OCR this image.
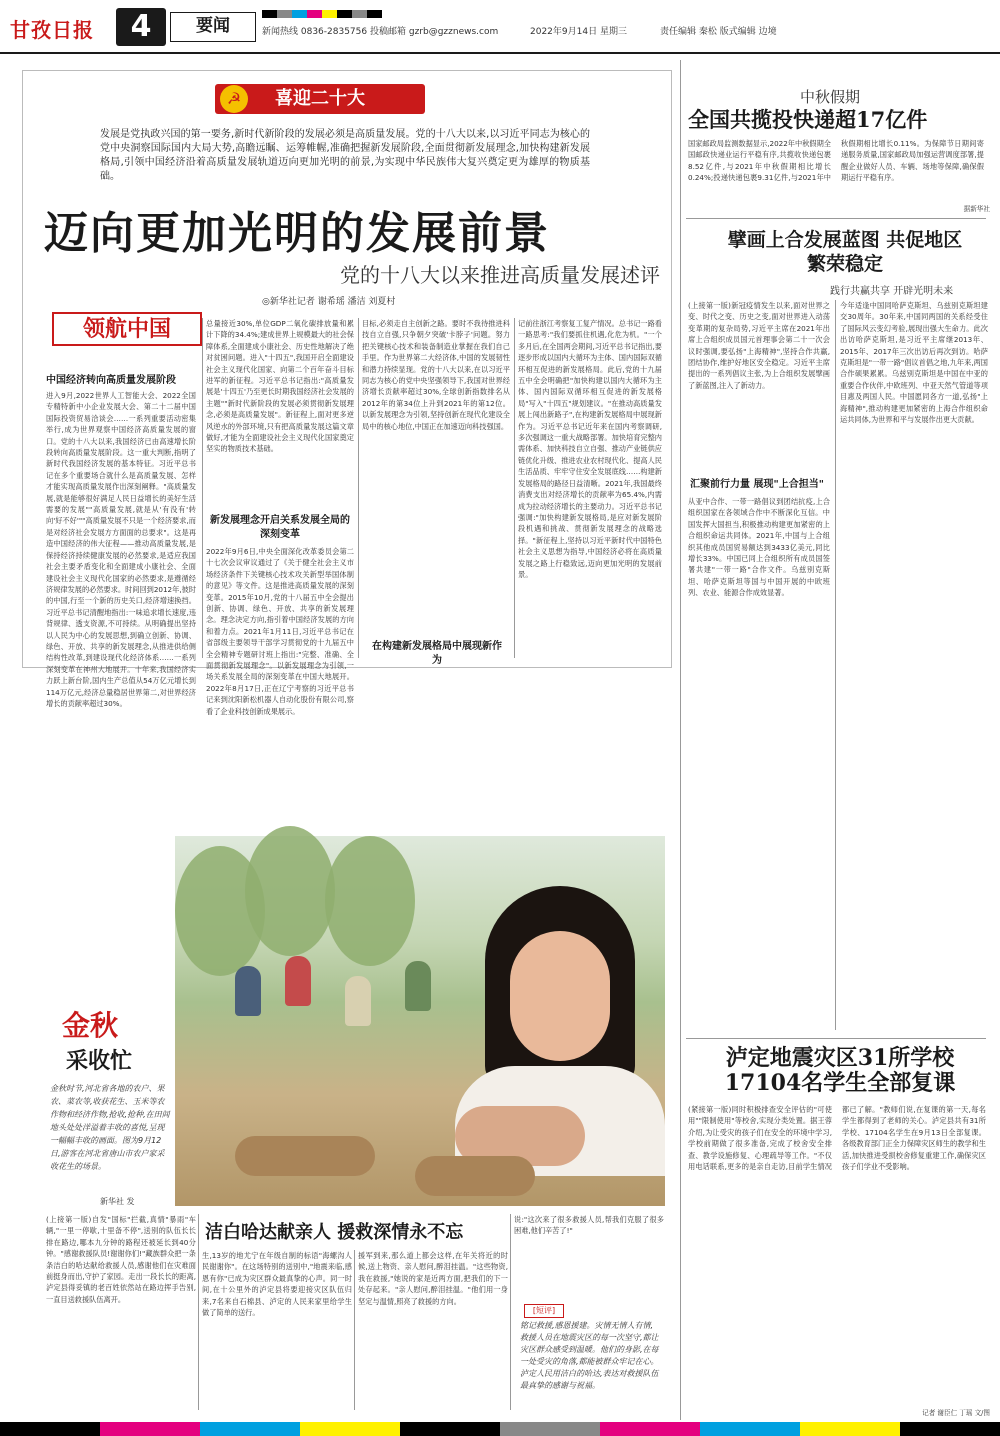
甘孜日报	4	要闻	新闻热线 0836-2835756 投稿邮箱 gzrb@gzznews.com	2022年9月14日 星期三	责任编辑 秦松 版式编辑 边境
喜迎二十大
☭
发展是党执政兴国的第一要务,新时代新阶段的发展必须是高质量发展。党的十八大以来,以习近平同志为核心的党中央洞察国际国内大局大势,高瞻远瞩、运筹帷幄,准确把握新发展阶段,全面贯彻新发展理念,加快构建新发展格局,引领中国经济沿着高质量发展轨道迈向更加光明的前景,为实现中华民族伟大复兴奠定更为雄厚的物质基础。
迈向更加光明的发展前景
党的十八大以来推进高质量发展述评
◎新华社记者 谢希瑶 潘洁 刘夏村
领航中国
中国经济转向高质量发展阶段
进入9月,2022世界人工智能大会、2022全国专精特新中小企业发展大会、第二十二届中国国际投资贸易洽谈会……一系列重要活动密集举行,成为世界观察中国经济高质量发展的窗口。党的十八大以来,我国经济已由高速增长阶段转向高质量发展阶段。这一重大判断,指明了新时代我国经济发展的基本特征。习近平总书记在多个重要场合就什么是高质量发展、怎样才能实现高质量发展作出深刻阐释。"高质量发展,就是能够很好满足人民日益增长的美好生活需要的发展""高质量发展,就是从'有没有'转向'好不好'""高质量发展不只是一个经济要求,而是对经济社会发展方方面面的总要求"。这是再造中国经济的伟大征程——推动高质量发展,是保持经济持续健康发展的必然要求,是适应我国社会主要矛盾变化和全面建成小康社会、全面建设社会主义现代化国家的必然要求,是遵循经济规律发展的必然要求。时间回到2012年,彼时的中国,行至一个新的历史关口,经济增速换挡。习近平总书记清醒地指出:一味追求增长速度,违背规律、透支资源,不可持续。从明确提出坚持以人民为中心的发展思想,到确立创新、协调、绿色、开放、共享的新发展理念,从推进供给侧结构性改革,到建设现代化经济体系……一系列深刻变革在神州大地展开。十年来,我国经济实力跃上新台阶,国内生产总值从54万亿元增长到114万亿元,经济总量稳居世界第二,对世界经济增长的贡献率超过30%。
总量接近30%,单位GDP二氧化碳排放量和累计下降的34.4%;建成世界上规模最大的社会保障体系,全面建成小康社会、历史性地解决了绝对贫困问题。进入"十四五",我国开启全面建设社会主义现代化国家、向第二个百年奋斗目标进军的新征程。习近平总书记指出:"高质量发展是'十四五'乃至更长时期我国经济社会发展的主题""新时代新阶段的发展必须贯彻新发展理念,必须是高质量发展"。新征程上,面对更多逆风逆水的外部环境,只有把高质量发展这篇文章做好,才能为全面建设社会主义现代化国家奠定坚实的物质技术基础。
新发展理念开启关系发展全局的深刻变革
2022年9月6日,中央全面深化改革委员会第二十七次会议审议通过了《关于健全社会主义市场经济条件下关键核心技术攻关新型举国体制的意见》等文件。这是推进高质量发展的深刻变革。2015年10月,党的十八届五中全会提出创新、协调、绿色、开放、共享的新发展理念。理念决定方向,指引着中国经济发展的方向和着力点。2021年1月11日,习近平总书记在省部级主要领导干部学习贯彻党的十九届五中全会精神专题研讨班上指出:"完整、准确、全面贯彻新发展理念"。以新发展理念为引领,一场关系发展全局的深刻变革在中国大地展开。2022年8月17日,正在辽宁考察的习近平总书记来到沈阳新松机器人自动化股份有限公司,察看了企业科技创新成果展示。
目标,必须走自主创新之路。要时不我待推进科技自立自强,只争朝夕突破'卡脖子'问题。努力把关键核心技术和装备制造业掌握在我们自己手里。作为世界第二大经济体,中国的发展韧性和潜力持续显现。党的十八大以来,在以习近平同志为核心的党中央坚强领导下,我国对世界经济增长贡献率超过30%,全球创新指数排名从2012年的第34位上升到2021年的第12位。以新发展理念为引领,坚持创新在现代化建设全局中的核心地位,中国正在加速迈向科技强国。
在构建新发展格局中展现新作为
记前往浙江考察复工复产情况。总书记一路看一路思考:"我们要抓住机遇,化危为机。"一个多月后,在全国两会期间,习近平总书记指出,要逐步形成以国内大循环为主体、国内国际双循环相互促进的新发展格局。此后,党的十九届五中全会明确把"加快构建以国内大循环为主体、国内国际双循环相互促进的新发展格局"写入"十四五"规划建议。"在推动高质量发展上闯出新路子",在构建新发展格局中展现新作为。习近平总书记近年来在国内考察调研,多次强调这一重大战略部署。加快培育完整内需体系、加快科技自立自强、推动产业链供应链优化升级、推进农业农村现代化、提高人民生活品质、牢牢守住安全发展底线……构建新发展格局的路径日益清晰。2021年,我国最终消费支出对经济增长的贡献率为65.4%,内需成为拉动经济增长的主要动力。习近平总书记强调:"加快构建新发展格局,是应对新发展阶段机遇和挑战、贯彻新发展理念的战略选择。"新征程上,坚持以习近平新时代中国特色社会主义思想为指导,中国经济必将在高质量发展之路上行稳致远,迈向更加光明的发展前景。
中秋假期
全国共揽投快递超17亿件
国家邮政局监测数据显示,2022年中秋假期全国邮政快递业运行平稳有序,共揽收快递包裹8.52亿件,与2021年中秋假期相比增长0.24%;投递快递包裹9.31亿件,与2021年中秋假期相比增长0.11%。为保障节日期间寄递服务质量,国家邮政局加强运营调度部署,提醒企业做好人员、车辆、场地等保障,确保假期运行平稳有序。
据新华社
擘画上合发展蓝图 共促地区繁荣稳定
践行共赢共享 开辟光明未来
(上接第一版)新冠疫情发生以来,面对世界之变、时代之变、历史之变,面对世界进入动荡变革期的复杂局势,习近平主席在2021年出席上合组织成员国元首理事会第二十一次会议时强调,要弘扬"上海精神",坚持合作共赢,团结协作,维护好地区安全稳定。习近平主席提出的一系列倡议主张,为上合组织发展擘画了新蓝图,注入了新动力。
汇聚前行力量 展现"上合担当"
从亚中合作、一带一路倡议到团结抗疫,上合组织国家在各领域合作中不断深化互信。中国发挥大国担当,积极推动构建更加紧密的上合组织命运共同体。2021年,中国与上合组织其他成员国贸易额达到3433亿美元,同比增长33%。中国已同上合组织所有成员国签署共建"一带一路"合作文件。乌兹别克斯坦、哈萨克斯坦等国与中国开展的中欧班列、农业、能源合作成效显著。
今年适逢中国同哈萨克斯坦、乌兹别克斯坦建交30周年。30年来,中国同两国的关系经受住了国际风云变幻考验,展现出强大生命力。此次出访哈萨克斯坦,是习近平主席继2013年、2015年、2017年三次出访后再次到访。哈萨克斯坦是"一带一路"倡议首倡之地,九年来,两国合作硕果累累。乌兹别克斯坦是中国在中亚的重要合作伙伴,中欧班列、中亚天然气管道等项目惠及两国人民。中国愿同各方一道,弘扬"上海精神",推动构建更加紧密的上海合作组织命运共同体,为世界和平与发展作出更大贡献。
泸定地震灾区31所学校 17104名学生全部复课
(紧接第一版)同时积极排查安全评估的"可使用""限制使用"等校舍,实现分类处置。据王蓉介绍,为让受灾的孩子们在安全的环境中学习,学校前期做了很多准备,完成了校舍安全排查、教学设施修复、心理疏导等工作。"不仅用电话联系,更多的是亲自走访,目前学生情况都已了解。"教师们说,在复课的第一天,每名学生都得到了老师的关心。泸定县共有31所学校、17104名学生在9月13日全部复课。各级教育部门正全力保障灾区师生的教学和生活,加快推进受损校舍修复重建工作,确保灾区孩子们学业不受影响。
记者 谢臣仁 丁瑶 文/图
金秋
采收忙
金秋时节,河北省各地的农户、果农、菜农等,收获花生、玉米等农作物和经济作物,抢收,抢种,在田间地头处处洋溢着丰收的喜悦,呈现一幅幅丰收的画面。图为9月12日,游客在河北省唐山市农户家采收花生的场景。
新华社 发
洁白哈达献亲人 援救深情永不忘
(上接第一版)自发"国标"拦截,真情"暴雨"车辆,"一里一停歇,十里备不停",送别的队伍长长排在路边,哪本九分钟的路程还被延长到40分钟。"感谢救援队员!谢谢你们!"藏族群众把一条条洁白的哈达献给救援人员,感谢他们在灾难面前挺身而出,守护了家园。走出一段长长的距离,泸定县得妥镇的老百姓依然站在路边挥手告别,一直目送救援队伍离开。
生,13岁的地尤宁在年级自制的标语"海螺沟人民谢谢你"。在这场特别的送别中,"地震来临,感恩有你"已成为灾区群众最真挚的心声。同一时间,在十公里外的泸定县将要迎接灾区队伍归来,7名来自石棉县、泸定的人民来家里给学生做了简单的送行。
援军到来,那么道上都会这样,在年关将近的时候,送上物资、亲人慰问,醉泪挂温。"这些物资,我在救援,"她说的家是近两方面,把我们的下一处存起来。"亲人慰问,醉泪挂温。"他们用一身坚定与温情,照亮了救援的方向。
说:"这次来了很多救援人员,帮我们克服了很多困难,他们辛苦了!"
[短评]
铭记救援,感恩援建。灾情无情人有情,救援人员在地震灾区的每一次坚守,都让灾区群众感受到温暖。他们的身影,在每一处受灾的角落,都能被群众牢记在心。泸定人民用洁白的哈达,表达对救援队伍最真挚的感谢与祝福。
